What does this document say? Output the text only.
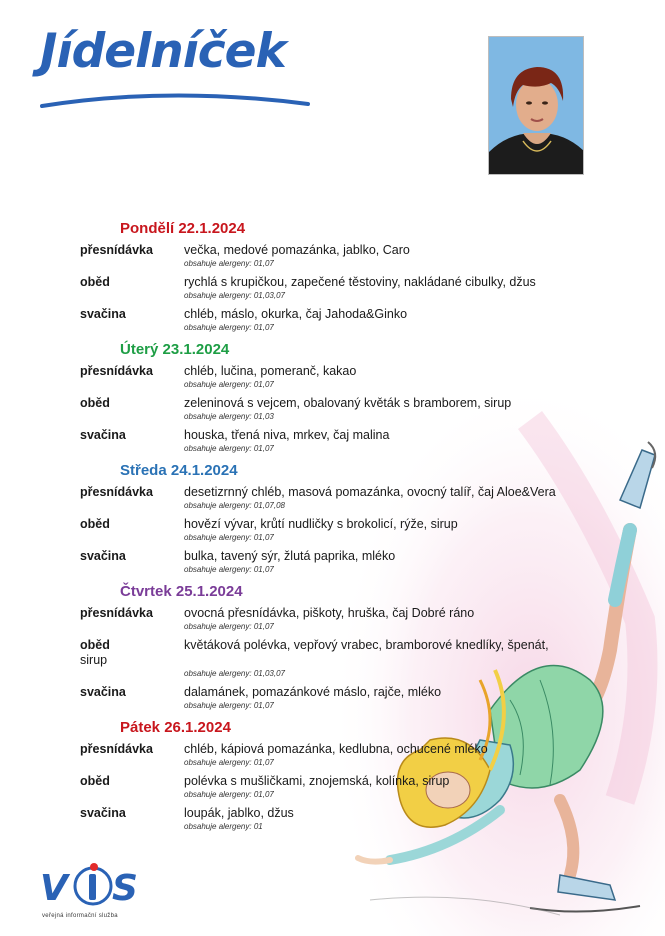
Jídelníček
Pondělí 22.1.2024
přesnídávka	večka, medové pomazánka, jablko, Caro
obsahuje alergeny: 01,07
oběd	rychlá s krupičkou, zapečené těstoviny, nakládané cibulky, džus
obsahuje alergeny: 01,03,07
svačina	chléb, máslo, okurka, čaj Jahoda&Ginko
obsahuje alergeny: 01,07
Úterý 23.1.2024
přesnídávka	chléb, lučina, pomeranč, kakao
obsahuje alergeny: 01,07
oběd	zeleninová s vejcem, obalovaný květák s bramborem, sirup
obsahuje alergeny: 01,03
svačina	houska, třená niva, mrkev, čaj malina
obsahuje alergeny: 01,07
Středa 24.1.2024
přesnídávka	desetizrnný chléb, masová pomazánka, ovocný talíř, čaj Aloe&Vera
obsahuje alergeny: 01,07,08
oběd	hovězí vývar, krůtí nudličky s brokolicí, rýže, sirup
obsahuje alergeny: 01,07
svačina	bulka, tavený sýr, žlutá paprika, mléko
obsahuje alergeny: 01,07
Čtvrtek 25.1.2024
přesnídávka	ovocná přesnídávka, piškoty, hruška, čaj Dobré ráno
obsahuje alergeny: 01,07
oběd	květáková polévka, vepřový vrabec, bramborové knedlíky, špenát,
sirup
obsahuje alergeny: 01,03,07
svačina	dalamánek, pomazánkové máslo, rajče, mléko
obsahuje alergeny: 01,07
Pátek 26.1.2024
přesnídávka	chléb, kápiová pomazánka, kedlubna, ochucené mléko
obsahuje alergeny: 01,07
oběd	polévka s mušličkami, znojemská, kolínka, sirup
obsahuje alergeny: 01,07
svačina	loupák, jablko, džus
obsahuje alergeny: 01
V S
veřejná informační služba
